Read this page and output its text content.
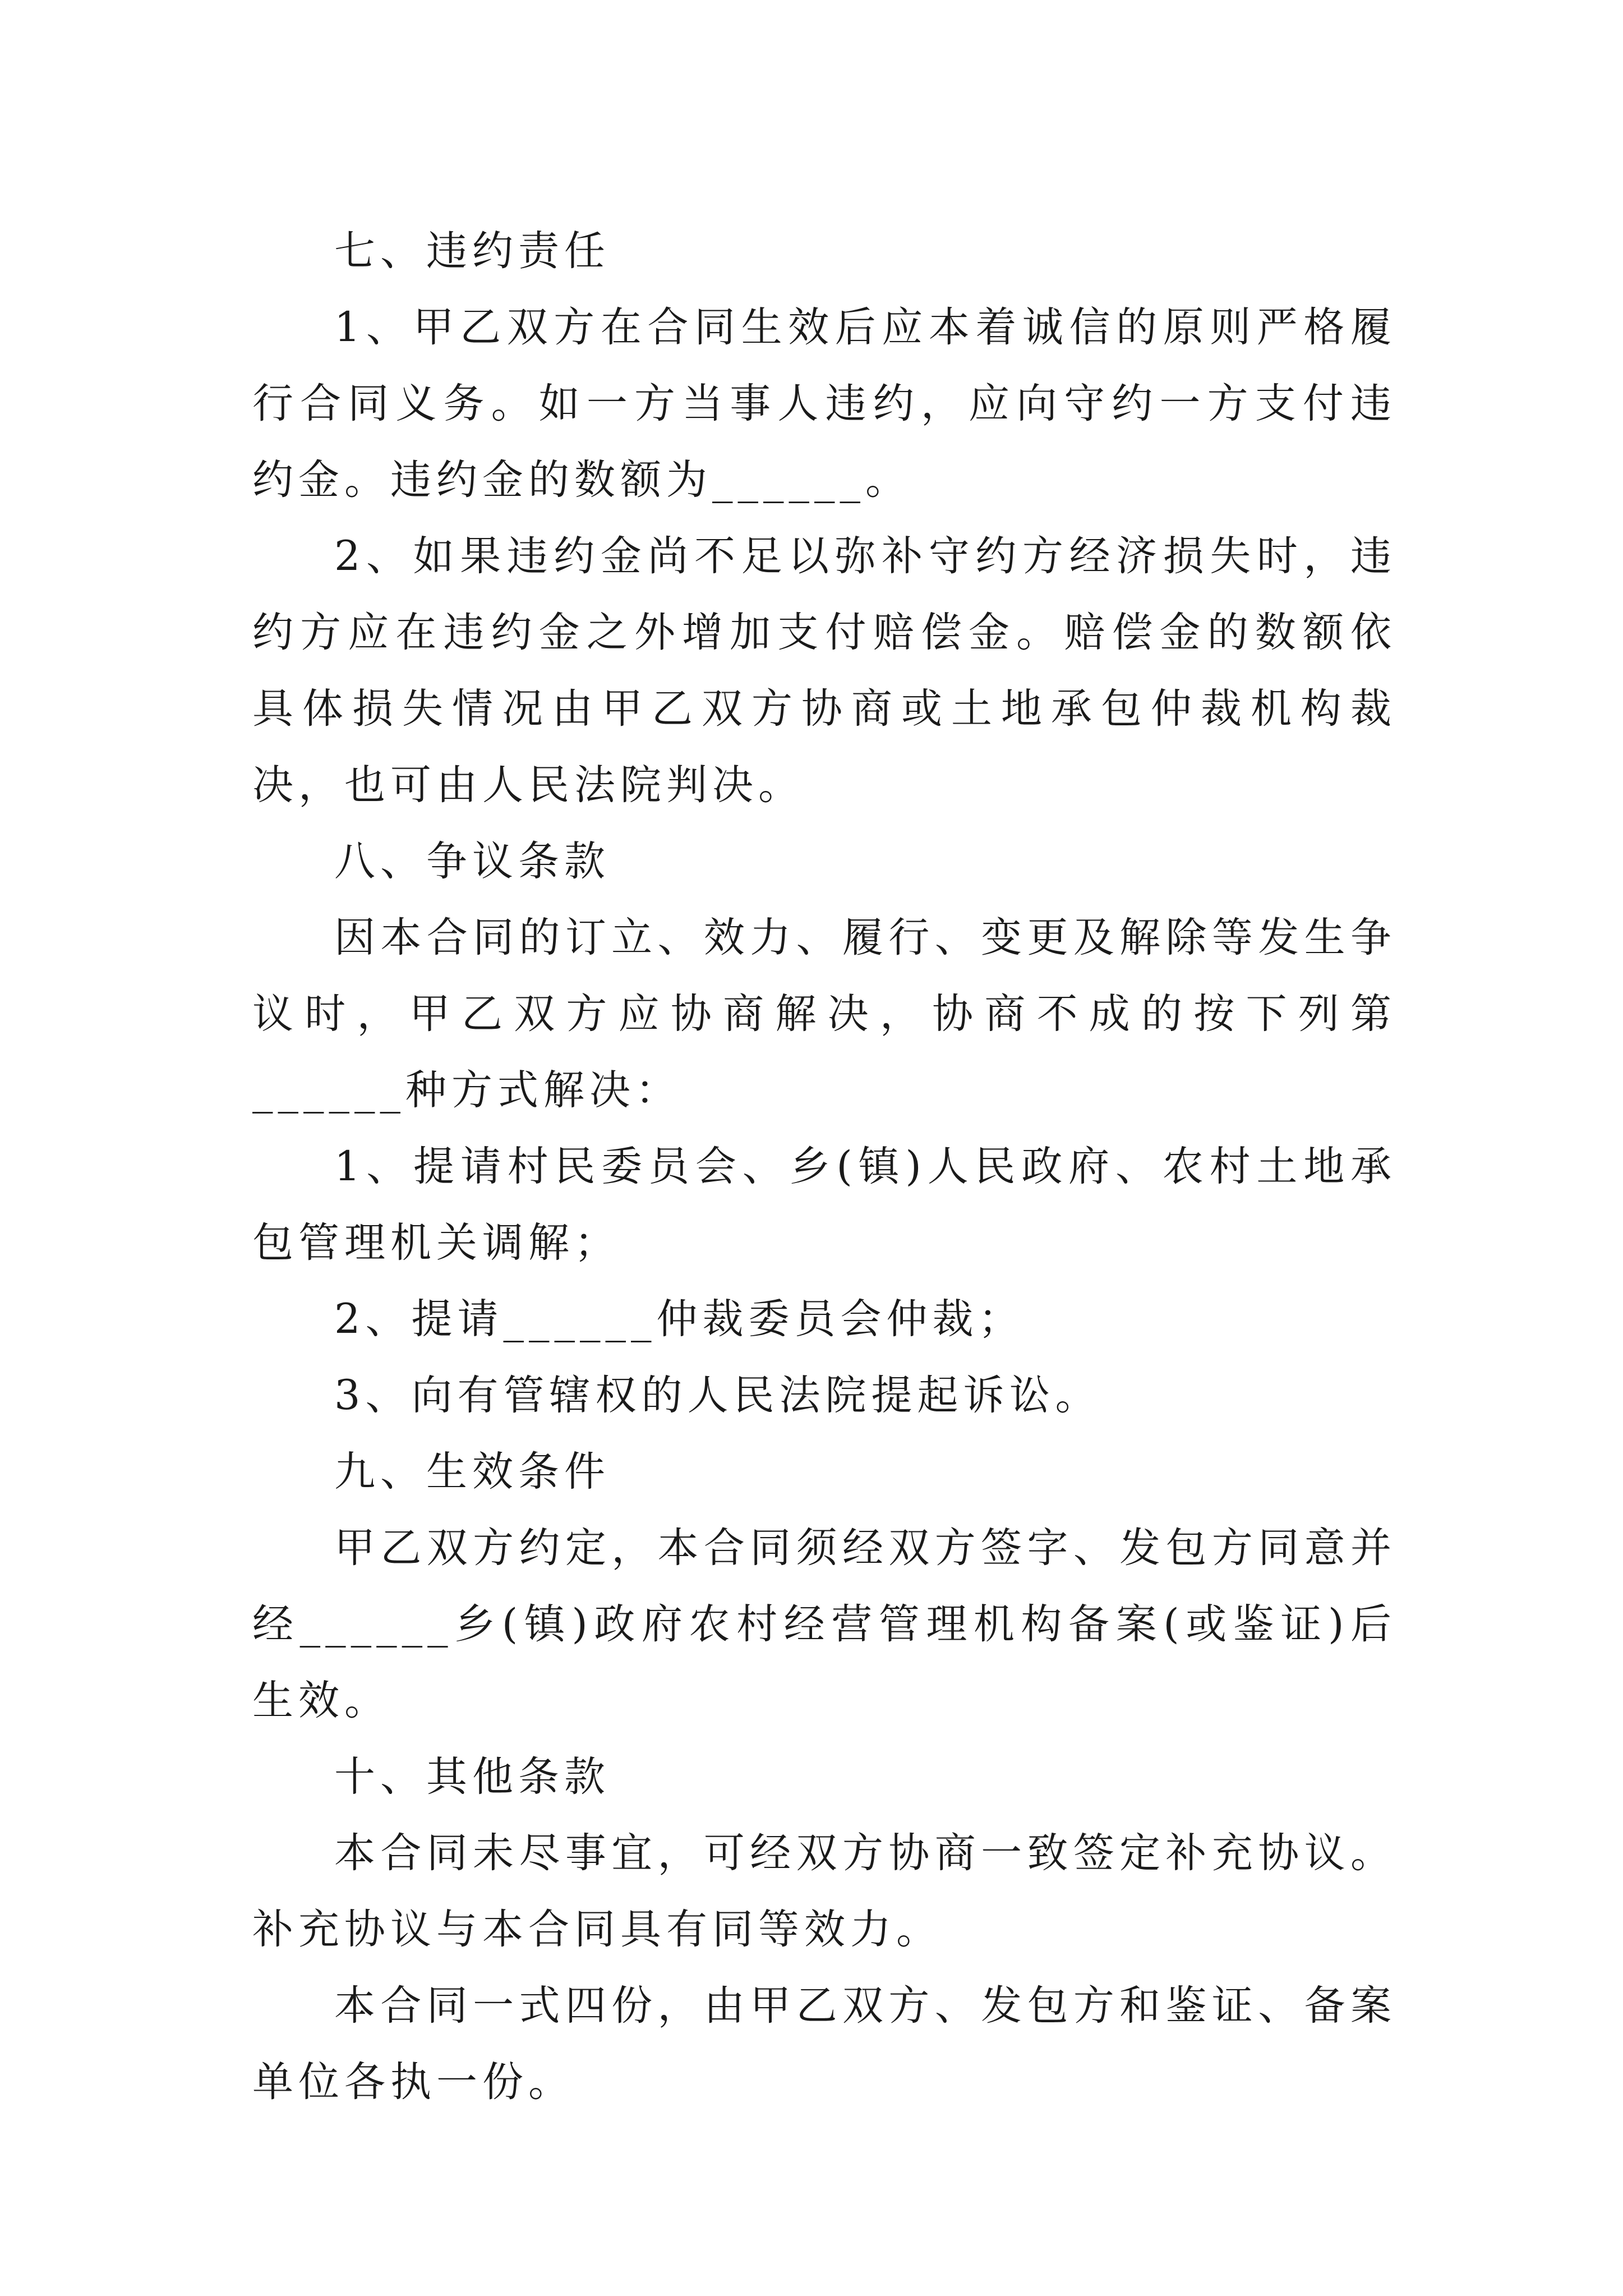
七、违约责任

1、甲乙双方在合同生效后应本着诚信的原则严格履行合同义务。如一方当事人违约，应向守约一方支付违约金。违约金的数额为______。

2、如果违约金尚不足以弥补守约方经济损失时，违约方应在违约金之外增加支付赔偿金。赔偿金的数额依具体损失情况由甲乙双方协商或土地承包仲裁机构裁决，也可由人民法院判决。

八、争议条款

因本合同的订立、效力、履行、变更及解除等发生争议时，甲乙双方应协商解决，协商不成的按下列第______种方式解决：

1、提请村民委员会、乡(镇)人民政府、农村土地承包管理机关调解；

2、提请______仲裁委员会仲裁；

3、向有管辖权的人民法院提起诉讼。

九、生效条件

甲乙双方约定，本合同须经双方签字、发包方同意并经______乡(镇)政府农村经营管理机构备案(或鉴证)后生效。

十、其他条款

本合同未尽事宜，可经双方协商一致签定补充协议。补充协议与本合同具有同等效力。

本合同一式四份，由甲乙双方、发包方和鉴证、备案单位各执一份。
